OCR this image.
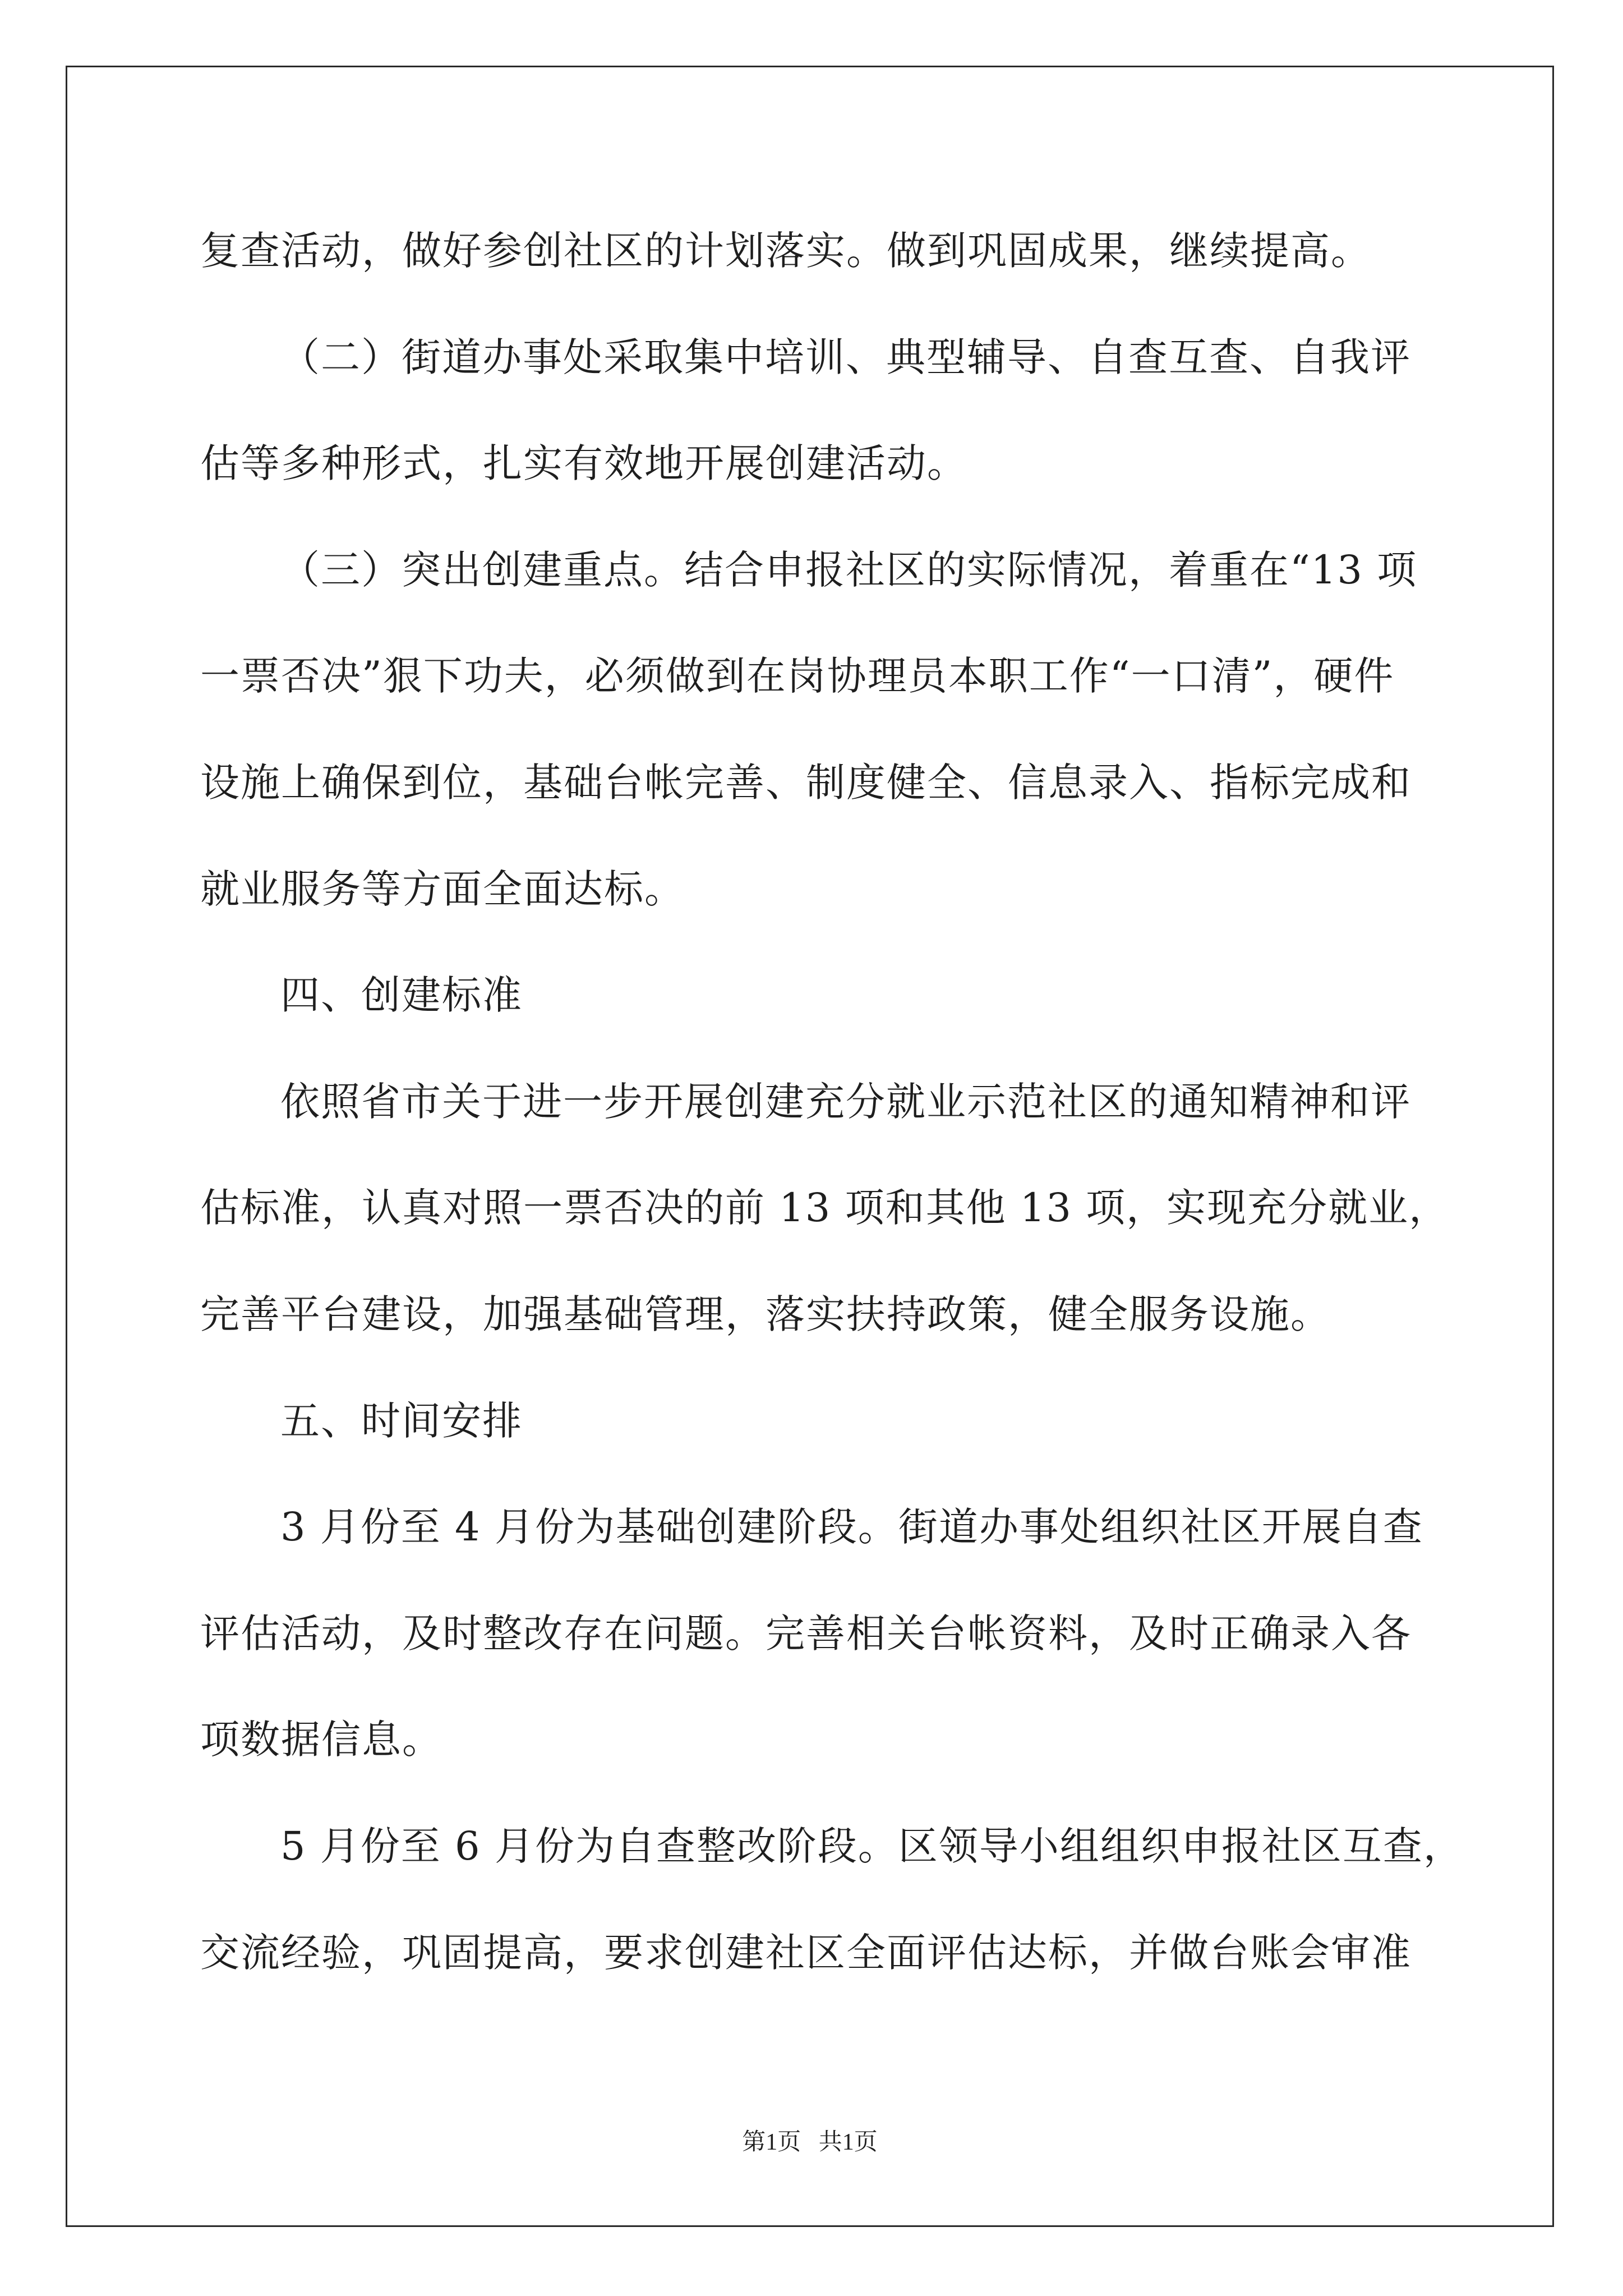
复查活动，做好参创社区的计划落实。做到巩固成果，继续提高。
（二）街道办事处采取集中培训、典型辅导、自查互查、自我评
估等多种形式，扎实有效地开展创建活动。
（三）突出创建重点。结合申报社区的实际情况，着重在“13 项
一票否决”狠下功夫，必须做到在岗协理员本职工作“一口清”，硬件
设施上确保到位，基础台帐完善、制度健全、信息录入、指标完成和
就业服务等方面全面达标。
四、创建标准
依照省市关于进一步开展创建充分就业示范社区的通知精神和评
估标准，认真对照一票否决的前 13 项和其他 13 项，实现充分就业，
完善平台建设，加强基础管理，落实扶持政策，健全服务设施。
五、时间安排
3 月份至 4 月份为基础创建阶段。街道办事处组织社区开展自查
评估活动，及时整改存在问题。完善相关台帐资料，及时正确录入各
项数据信息。
5 月份至 6 月份为自查整改阶段。区领导小组组织申报社区互查，
交流经验，巩固提高，要求创建社区全面评估达标，并做台账会审准
第1页   共1页
